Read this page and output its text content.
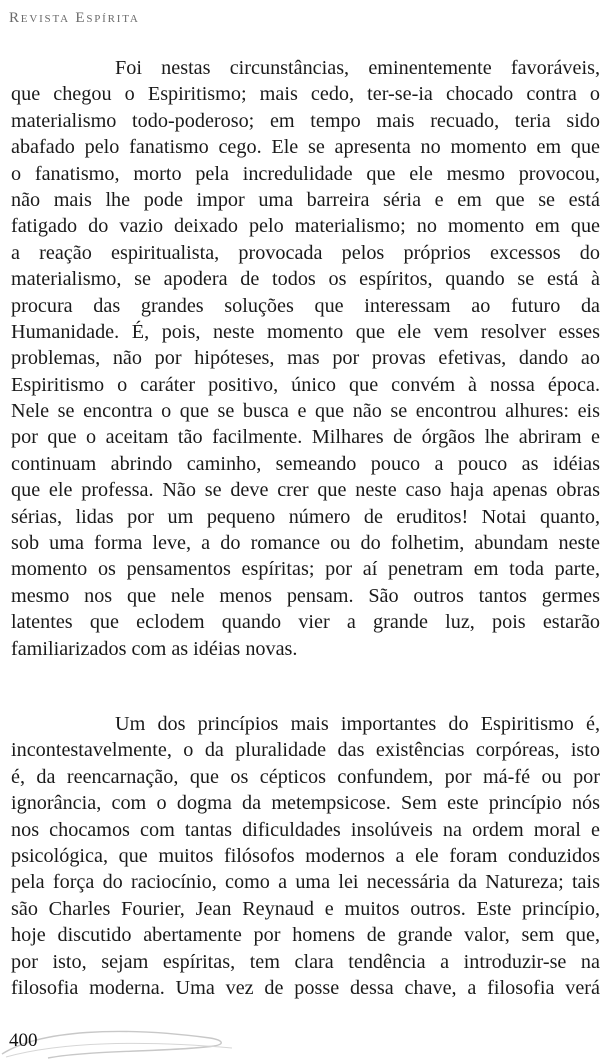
Revista Espírita
Foi nestas circunstâncias, eminentemente favoráveis,
que chegou o Espiritismo; mais cedo, ter-se-ia chocado contra o
materialismo todo-poderoso; em tempo mais recuado, teria sido
abafado pelo fanatismo cego. Ele se apresenta no momento em que
o fanatismo, morto pela incredulidade que ele mesmo provocou,
não mais lhe pode impor uma barreira séria e em que se está
fatigado do vazio deixado pelo materialismo; no momento em que
a reação espiritualista, provocada pelos próprios excessos do
materialismo, se apodera de todos os espíritos, quando se está à
procura das grandes soluções que interessam ao futuro da
Humanidade. É, pois, neste momento que ele vem resolver esses
problemas, não por hipóteses, mas por provas efetivas, dando ao
Espiritismo o caráter positivo, único que convém à nossa época.
Nele se encontra o que se busca e que não se encontrou alhures: eis
por que o aceitam tão facilmente. Milhares de órgãos lhe abriram e
continuam abrindo caminho, semeando pouco a pouco as idéias
que ele professa. Não se deve crer que neste caso haja apenas obras
sérias, lidas por um pequeno número de eruditos! Notai quanto,
sob uma forma leve, a do romance ou do folhetim, abundam neste
momento os pensamentos espíritas; por aí penetram em toda parte,
mesmo nos que nele menos pensam. São outros tantos germes
latentes que eclodem quando vier a grande luz, pois estarão
familiarizados com as idéias novas.
Um dos princípios mais importantes do Espiritismo é,
incontestavelmente, o da pluralidade das existências corpóreas, isto
é, da reencarnação, que os cépticos confundem, por má-fé ou por
ignorância, com o dogma da metempsicose. Sem este princípio nós
nos chocamos com tantas dificuldades insolúveis na ordem moral e
psicológica, que muitos filósofos modernos a ele foram conduzidos
pela força do raciocínio, como a uma lei necessária da Natureza; tais
são Charles Fourier, Jean Reynaud e muitos outros. Este princípio,
hoje discutido abertamente por homens de grande valor, sem que,
por isto, sejam espíritas, tem clara tendência a introduzir-se na
filosofia moderna. Uma vez de posse dessa chave, a filosofia verá
400
